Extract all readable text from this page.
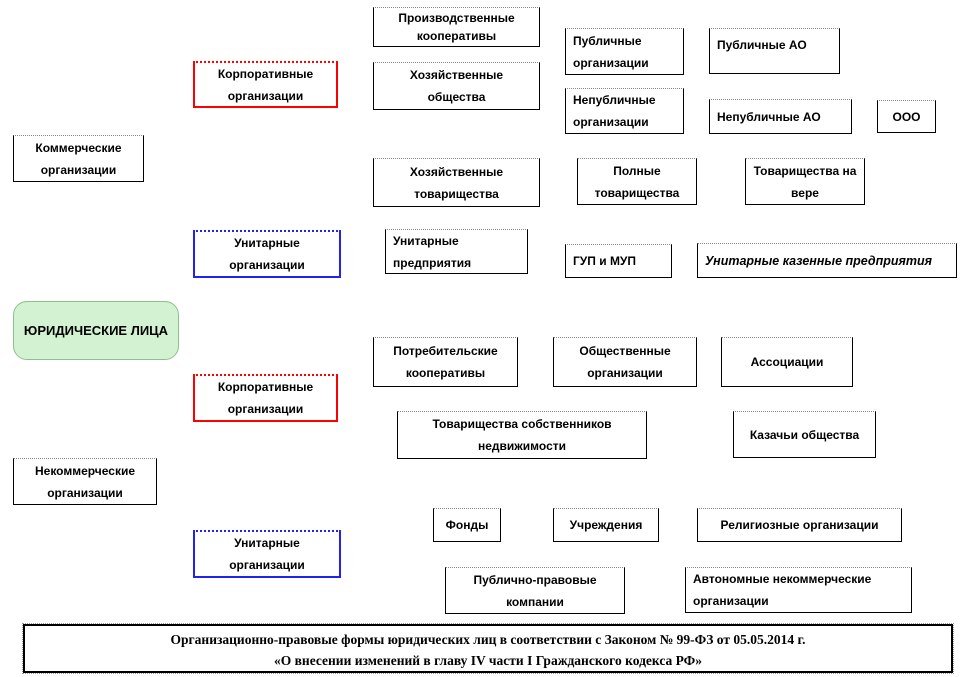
ЮРИДИЧЕСКИЕ ЛИЦА
Коммерческие организации
Некоммерческие организации
Корпоративные организации
Унитарные организации
Корпоративные организации
Унитарные организации
Производственные кооперативы
Хозяйственные общества
Публичные организации
Непубличные организации
Публичные АО
Непубличные АО	ООО
Хозяйственные товарищества
Полные товарищества
Товарищества на вере
Унитарные предприятия	ГУП и МУП	Унитарные казенные предприятия
Потребительские кооперативы
Общественные организации
Ассоциации
Товарищества собственников недвижимости
Казачьи общества
Фонды	Учреждения	Религиозные организации
Публично-правовые компании
Автономные некоммерческие организации
Организационно-правовые формы юридических лиц в соответствии с Законом № 99-ФЗ от 05.05.2014 г.
«О внесении изменений в главу IV части I Гражданского кодекса РФ»
